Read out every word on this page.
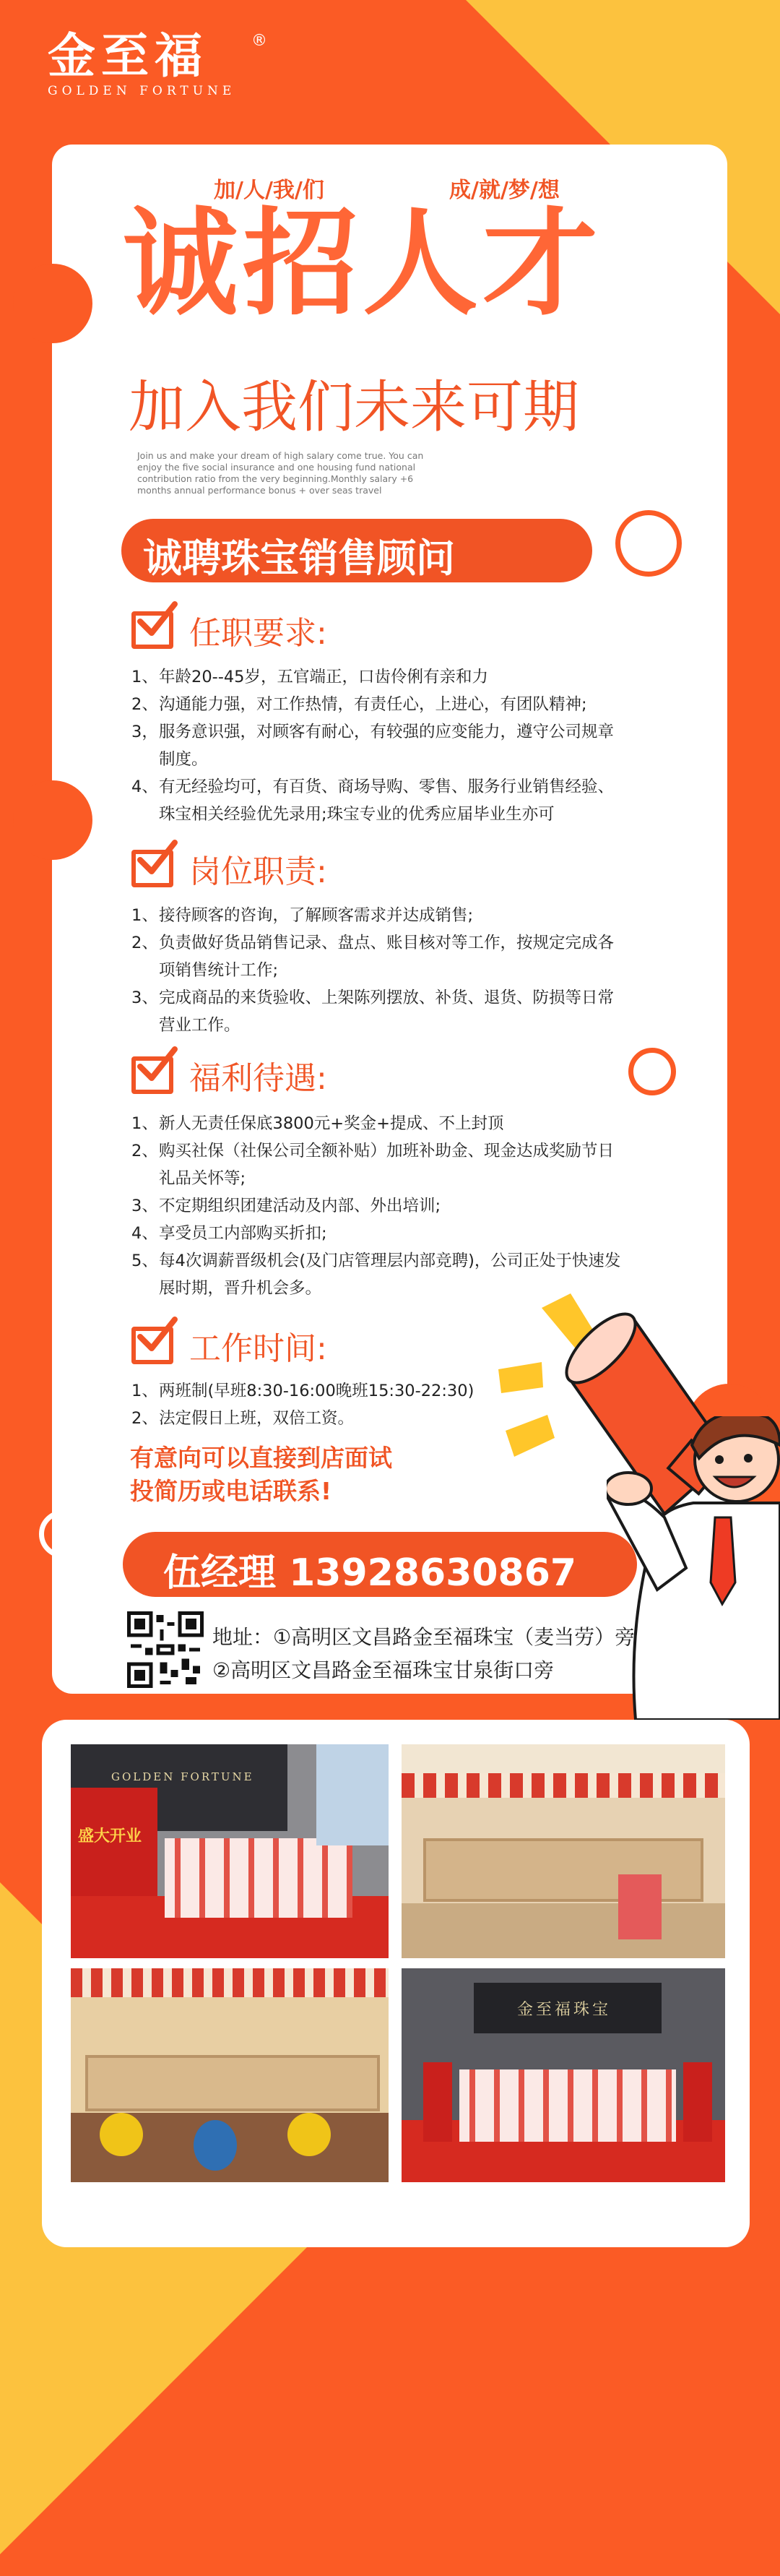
金至福	®
GOLDEN FORTUNE
加/人/我/们	成/就/梦/想
诚招人才
加入我们未来可期
Join us and make your dream of high salary come true. You can enjoy the five social insurance and one housing fund national contribution ratio from the very beginning.Monthly salary +6 months annual performance bonus + over seas travel
诚聘珠宝销售顾问
任职要求:
1、年龄20--45岁，五官端正，口齿伶俐有亲和力
2、沟通能力强，对工作热情，有责任心，上进心，有团队精神;
3，服务意识强，对顾客有耐心，有较强的应变能力，遵守公司规章制度。
4、有无经验均可，有百货、商场导购、零售、服务行业销售经验、珠宝相关经验优先录用;珠宝专业的优秀应届毕业生亦可
岗位职责:
1、接待顾客的咨询，了解顾客需求并达成销售;
2、负责做好货品销售记录、盘点、账目核对等工作，按规定完成各项销售统计工作;
3、完成商品的来货验收、上架陈列摆放、补货、退货、防损等日常营业工作。
福利待遇:
1、新人无责任保底3800元+奖金+提成、不上封顶
2、购买社保（社保公司全额补贴）加班补助金、现金达成奖励节日礼品关怀等;
3、不定期组织团建活动及内部、外出培训;
4、享受员工内部购买折扣;
5、每4次调薪晋级机会(及门店管理层内部竞聘)，公司正处于快速发展时期，晋升机会多。
工作时间:
1、两班制(早班8:30-16:00晚班15:30-22:30)
2、法定假日上班，双倍工资。
有意向可以直接到店面试
投简历或电话联系!
伍经理 13928630867
地址：①高明区文昌路金至福珠宝（麦当劳）旁
②高明区文昌路金至福珠宝甘泉街口旁
GOLDEN FORTUNE
盛大开业
金至福珠宝
